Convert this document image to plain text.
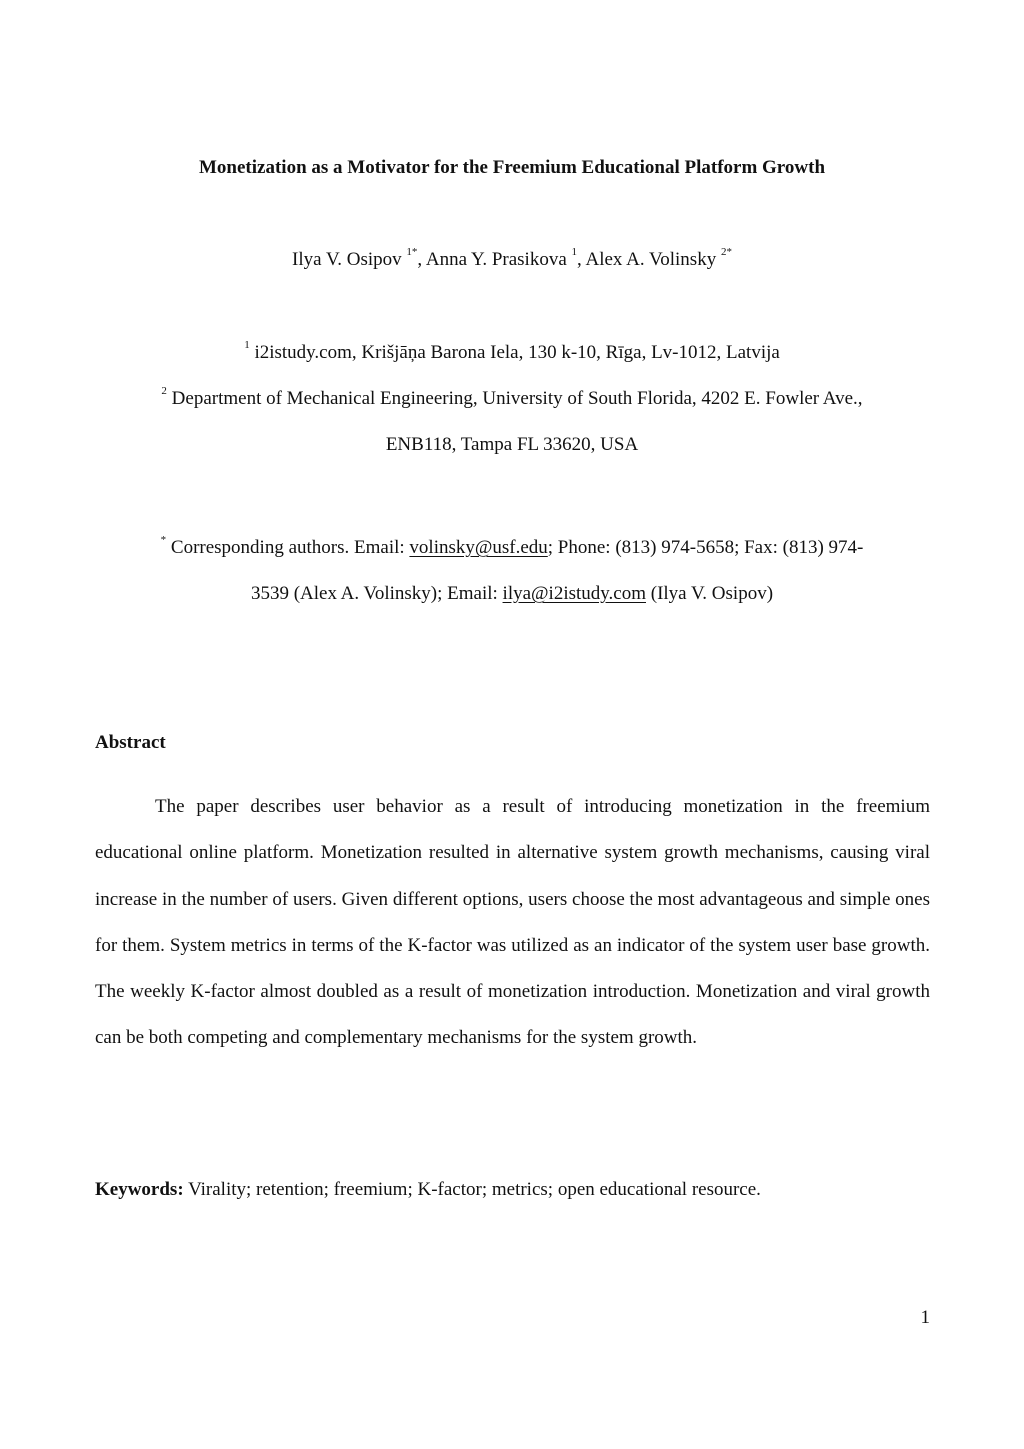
Monetization as a Motivator for the Freemium Educational Platform Growth
Ilya V. Osipov $^{1*}$, Anna Y. Prasikova $^1$, Alex A. Volinsky $^{2*}$
$^1$ i2istudy.com, Krišjāņa Barona Iela, 130 k-10, Rīga, Lv-1012, Latvija
$^2$ Department of Mechanical Engineering, University of South Florida, 4202 E. Fowler Ave.,
ENB118, Tampa FL 33620, USA
* Corresponding authors. Email: volinsky@usf.edu; Phone: (813) 974-5658; Fax: (813) 974-
3539 (Alex A. Volinsky); Email: ilya@i2istudy.com (Ilya V. Osipov)
Abstract

The paper describes user behavior as a result of introducing monetization in the freemium educational online platform. Monetization resulted in alternative system growth mechanisms, causing viral increase in the number of users. Given different options, users choose the most advantageous and simple ones for them. System metrics in terms of the K-factor was utilized as an indicator of the system user base growth. The weekly K-factor almost doubled as a result of monetization introduction. Monetization and viral growth can be both competing and complementary mechanisms for the system growth.

Keywords: Virality; retention; freemium; K-factor; metrics; open educational resource.
1
